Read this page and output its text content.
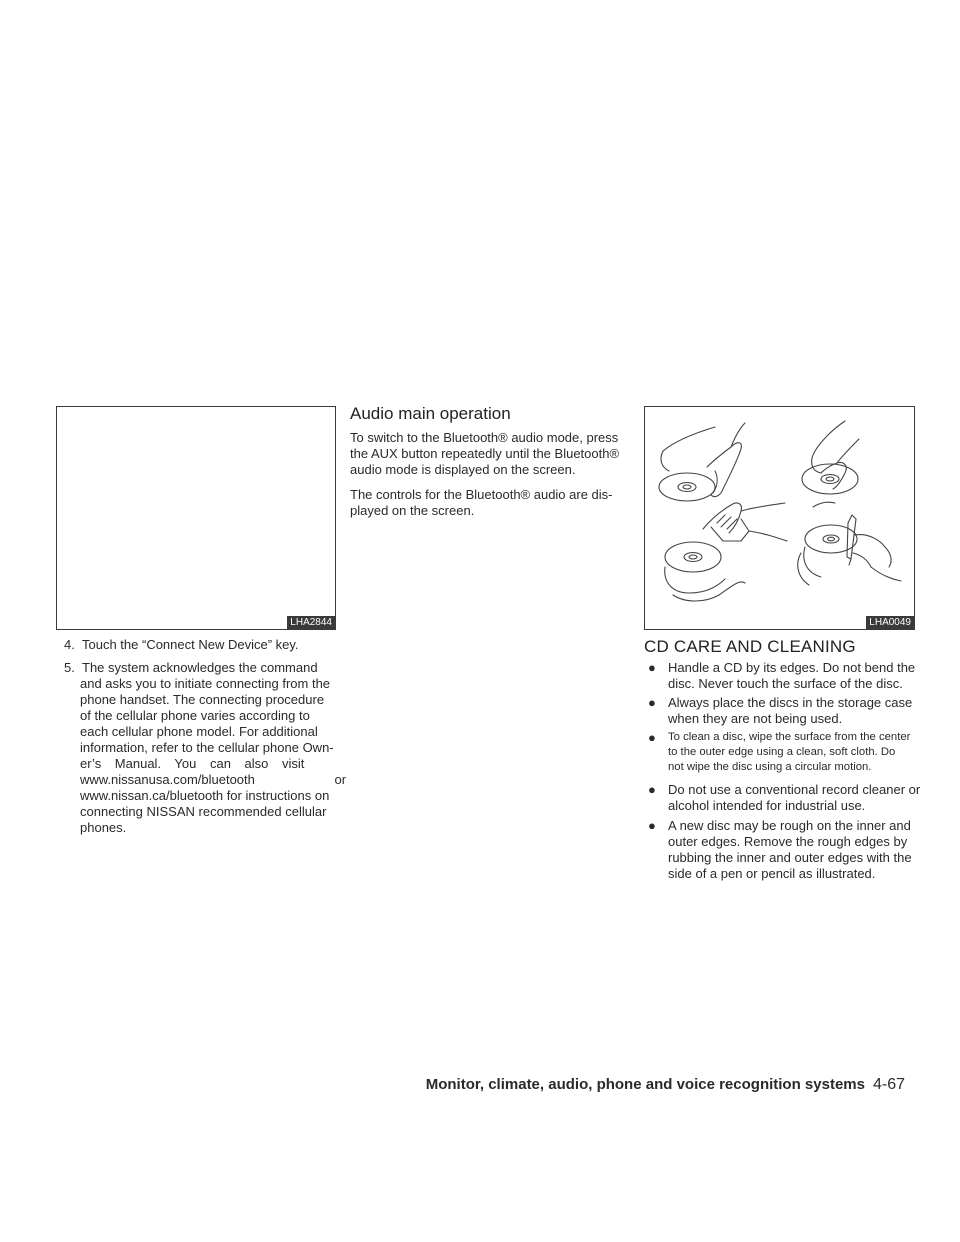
LHA2844
4. Touch the “Connect New Device” key.
5. The system acknowledges the command
and asks you to initiate connecting from the
phone handset. The connecting procedure
of the cellular phone varies according to
each cellular phone model. For additional
information, refer to the cellular phone Own-
er’s Manual. You can also visit
www.nissanusa.com/bluetooth or
www.nissan.ca/bluetooth for instructions on
connecting NISSAN recommended cellular
phones.
Audio main operation
To switch to the Bluetooth® audio mode, press
the AUX button repeatedly until the Bluetooth®
audio mode is displayed on the screen.
The controls for the Bluetooth® audio are dis-
played on the screen.
LHA0049
CD CARE AND CLEANING
● Handle a CD by its edges. Do not bend the
disc. Never touch the surface of the disc.
● Always place the discs in the storage case
when they are not being used.
● To clean a disc, wipe the surface from the center
to the outer edge using a clean, soft cloth. Do
not wipe the disc using a circular motion.
● Do not use a conventional record cleaner or
alcohol intended for industrial use.
● A new disc may be rough on the inner and
outer edges. Remove the rough edges by
rubbing the inner and outer edges with the
side of a pen or pencil as illustrated.
Monitor, climate, audio, phone and voice recognition systems 4-67
